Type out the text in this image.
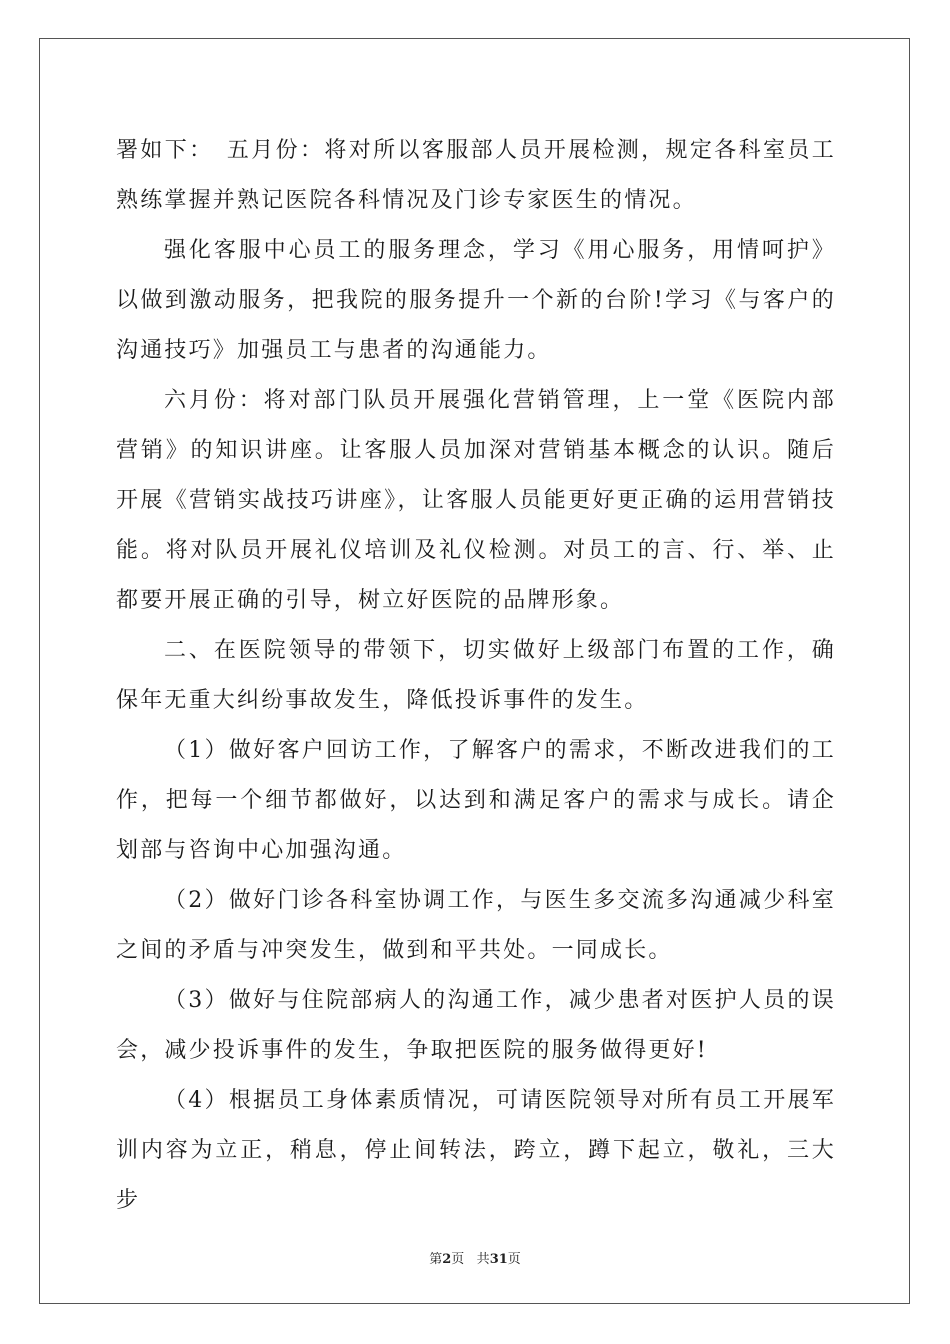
署如下：　五月份：将对所以客服部人员开展检测，规定各科室员工熟练掌握并熟记医院各科情况及门诊专家医生的情况。

强化客服中心员工的服务理念，学习《用心服务，用情呵护》以做到激动服务，把我院的服务提升一个新的台阶!学习《与客户的沟通技巧》加强员工与患者的沟通能力。

六月份：将对部门队员开展强化营销管理，上一堂《医院内部营销》的知识讲座。让客服人员加深对营销基本概念的认识。随后开展《营销实战技巧讲座》，让客服人员能更好更正确的运用营销技能。将对队员开展礼仪培训及礼仪检测。对员工的言、行、举、止都要开展正确的引导，树立好医院的品牌形象。

二、在医院领导的带领下，切实做好上级部门布置的工作，确保年无重大纠纷事故发生，降低投诉事件的发生。

（1）做好客户回访工作，了解客户的需求，不断改进我们的工作，把每一个细节都做好，以达到和满足客户的需求与成长。请企划部与咨询中心加强沟通。

（2）做好门诊各科室协调工作，与医生多交流多沟通减少科室之间的矛盾与冲突发生，做到和平共处。一同成长。

（3）做好与住院部病人的沟通工作，减少患者对医护人员的误会，减少投诉事件的发生，争取把医院的服务做得更好!

（4）根据员工身体素质情况，可请医院领导对所有员工开展军训内容为立正，稍息，停止间转法，跨立，蹲下起立，敬礼，三大步

第2页 共31页
